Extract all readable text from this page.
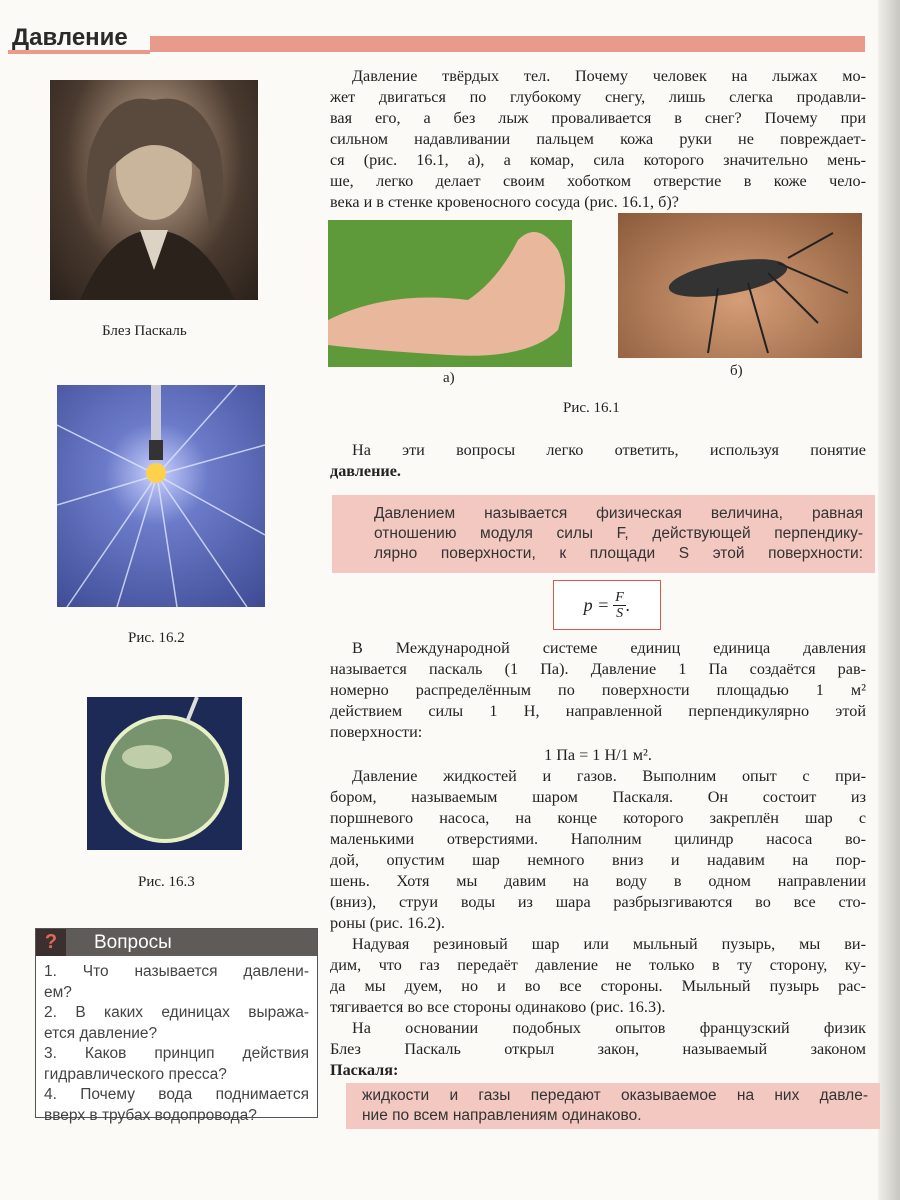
Давление
Блез Паскаль
Рис. 16.2
Рис. 16.3
?	Вопросы
1. Что называется давлени-
ем?
2. В каких единицах выража-
ется давление?
3. Каков принцип действия
гидравлического пресса?
4. Почему вода поднимается
вверх в трубах водопровода?
Давление твёрдых тел. Почему человек на лыжах мо-
жет двигаться по глубокому снегу, лишь слегка продавли-
вая его, а без лыж проваливается в снег? Почему при
сильном надавливании пальцем кожа руки не повреждает-
ся (рис. 16.1, а), а комар, сила которого значительно мень-
ше, легко делает своим хоботком отверстие в коже чело-
века и в стенке кровеносного сосуда (рис. 16.1, б)?
а)	б)
Рис. 16.1
На эти вопросы легко ответить, используя понятие
давление.
Давлением называется физическая величина, равная
отношению модуля силы F, действующей перпендику-
лярно поверхности, к площади S этой поверхности:
$p = \frac{F}{S}$ .
В Международной системе единиц единица давления
называется паскаль (1 Па). Давление 1 Па создаётся рав-
номерно распределённым по поверхности площадью 1 м²
действием силы 1 Н, направленной перпендикулярно этой
поверхности:
1 Па = 1 Н/1 м².
Давление жидкостей и газов. Выполним опыт с при-
бором, называемым шаром Паскаля. Он состоит из
поршневого насоса, на конце которого закреплён шар с
маленькими отверстиями. Наполним цилиндр насоса во-
дой, опустим шар немного вниз и надавим на пор-
шень. Хотя мы давим на воду в одном направлении
(вниз), струи воды из шара разбрызгиваются во все сто-
роны (рис. 16.2).
Надувая резиновый шар или мыльный пузырь, мы ви-
дим, что газ передаёт давление не только в ту сторону, ку-
да мы дуем, но и во все стороны. Мыльный пузырь рас-
тягивается во все стороны одинаково (рис. 16.3).
На основании подобных опытов французский физик
Блез Паскаль открыл закон, называемый законом
Паскаля:
жидкости и газы передают оказываемое на них давле-
ние по всем направлениям одинаково.
